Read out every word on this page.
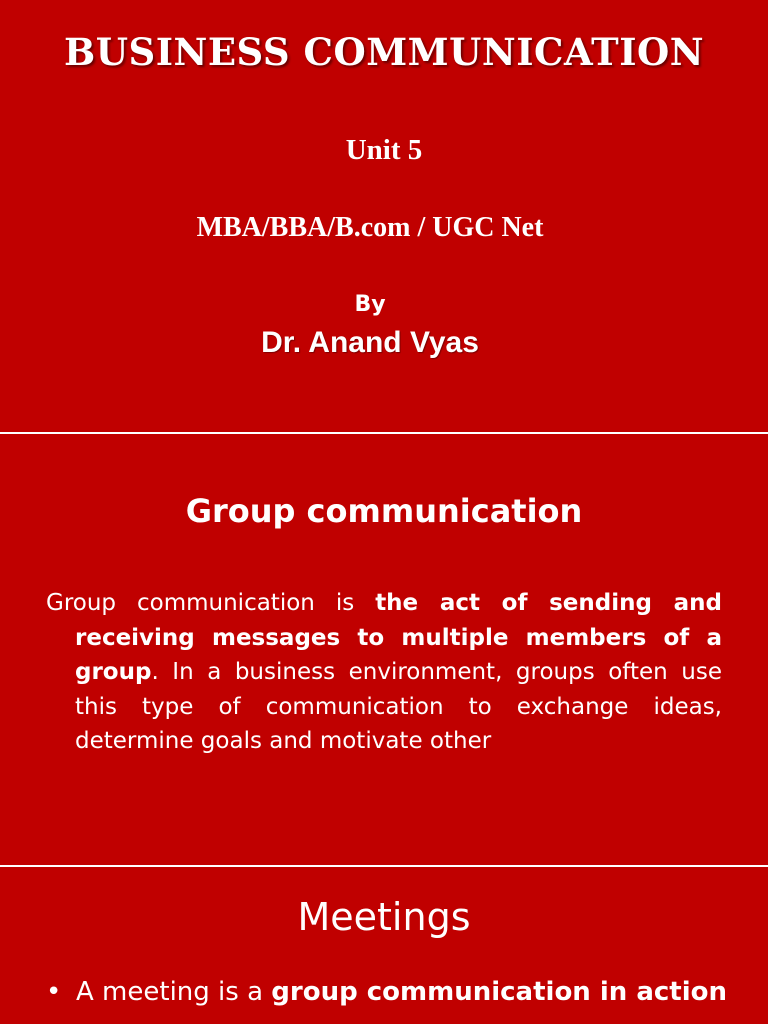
BUSINESS COMMUNICATION
Unit 5
MBA/BBA/B.com / UGC Net
By
Dr. Anand Vyas
Group communication
Group communication is the act of sending and receiving messages to multiple members of a group. In a business environment, groups often use this type of communication to exchange ideas, determine goals and motivate other
Meetings
• A meeting is a group communication in action
